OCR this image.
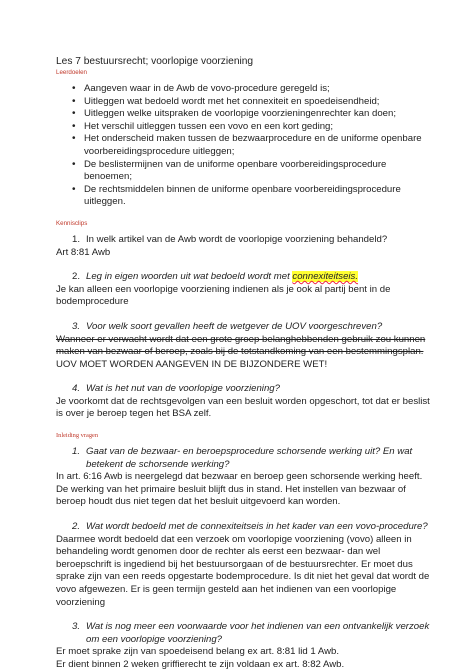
Les 7 bestuursrecht; voorlopige voorziening
Leerdoelen
• Aangeven waar in de Awb de vovo-procedure geregeld is;
• Uitleggen wat bedoeld wordt met het connexiteit en spoedeisendheid;
• Uitleggen welke uitspraken de voorlopige voorzieningenrechter kan doen;
• Het verschil uitleggen tussen een vovo en een kort geding;
• Het onderscheid maken tussen de bezwaarprocedure en de uniforme openbare voorbereidingsprocedure uitleggen;
• De beslistermijnen van de uniforme openbare voorbereidingsprocedure benoemen;
• De rechtsmiddelen binnen de uniforme openbare voorbereidingsprocedure uitleggen.
Kennisclips
1. In welk artikel van de Awb wordt de voorlopige voorziening behandeld?

Art 8:81 Awb

2. Leg in eigen woorden uit wat bedoeld wordt met connexiteitseis.

Je kan alleen een voorlopige voorziening indienen als je ook al partij bent in de bodemprocedure

3. Voor welk soort gevallen heeft de wetgever de UOV voorgeschreven?

Wanneer er verwacht wordt dat een grote groep belanghebbenden gebruik zou kunnen maken van bezwaar of beroep, zoals bij de totstandkoming van een bestemmingsplan. UOV MOET WORDEN AANGEVEN IN DE BIJZONDERE WET!

4. Wat is het nut van de voorlopige voorziening?

Je voorkomt dat de rechtsgevolgen van een besluit worden opgeschort, tot dat er beslist is over je beroep tegen het BSA zelf.

Inleiding vragen
1. Gaat van de bezwaar- en beroepsprocedure schorsende werking uit? En wat betekent de schorsende werking?

In art. 6:16 Awb is neergelegd dat bezwaar en beroep geen schorsende werking heeft. De werking van het primaire besluit blijft dus in stand. Het instellen van bezwaar of beroep houdt dus niet tegen dat het besluit uitgevoerd kan worden.

2. Wat wordt bedoeld met de connexiteitseis in het kader van een vovo-procedure?

Daarmee wordt bedoeld dat een verzoek om voorlopige voorziening (vovo) alleen in behandeling wordt genomen door de rechter als eerst een bezwaar- dan wel beroepschrift is ingediend bij het bestuursorgaan of de bestuursrechter. Er moet dus sprake zijn van een reeds opgestarte bodemprocedure. Is dit niet het geval dat wordt de vovo afgewezen. Er is geen termijn gesteld aan het indienen van een voorlopige voorziening

3. Wat is nog meer een voorwaarde voor het indienen van een ontvankelijk verzoek om een voorlopige voorziening?

Er moet sprake zijn van spoedeisend belang ex art. 8:81 lid 1 Awb.

Er dient binnen 2 weken griffierecht te zijn voldaan ex art. 8:82 Awb.
